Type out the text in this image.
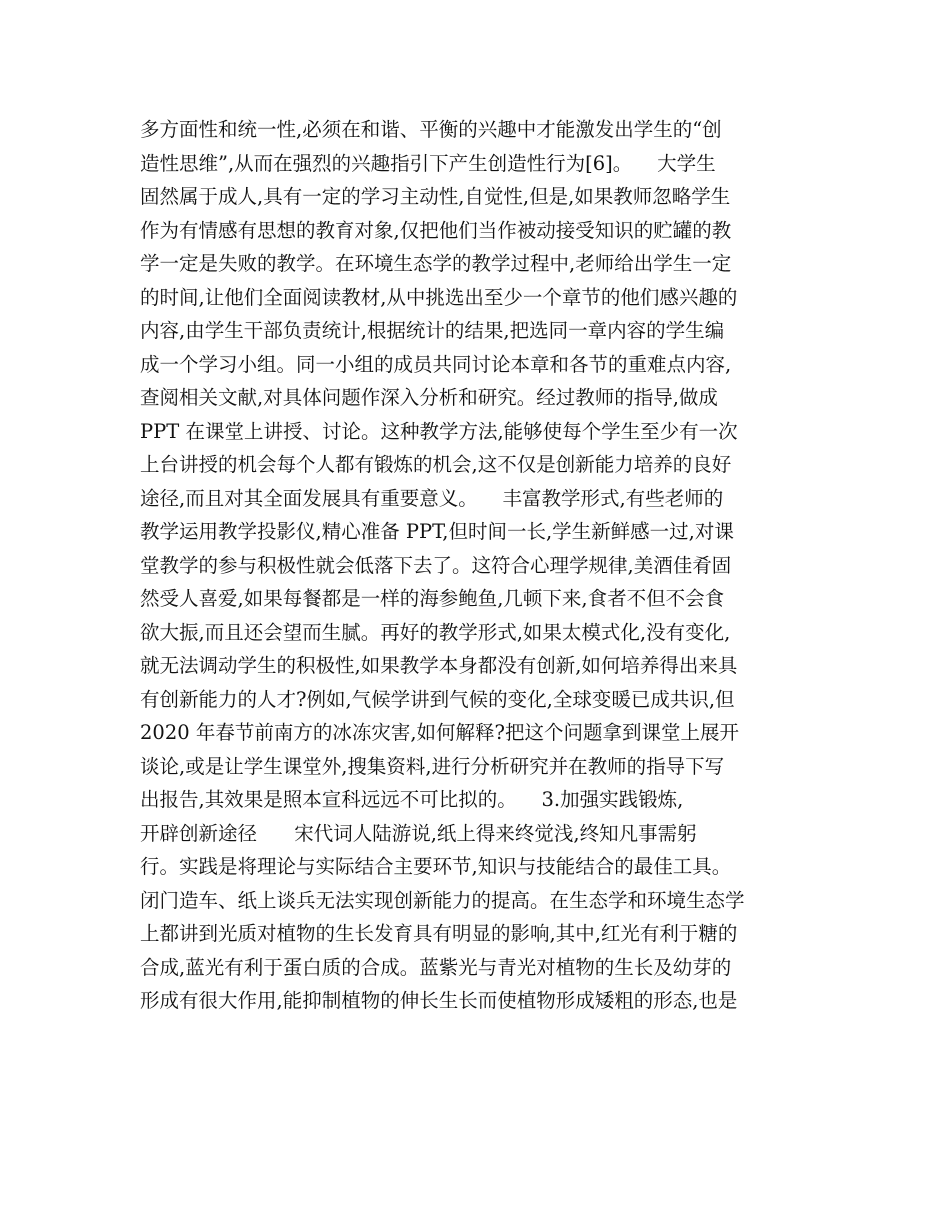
多方面性和统一性,必须在和谐、平衡的兴趣中才能激发出学生的“创
造性思维”,从而在强烈的兴趣指引下产生创造性行为[6]。    大学生
固然属于成人,具有一定的学习主动性,自觉性,但是,如果教师忽略学生
作为有情感有思想的教育对象,仅把他们当作被动接受知识的贮罐的教
学一定是失败的教学。在环境生态学的教学过程中,老师给出学生一定
的时间,让他们全面阅读教材,从中挑选出至少一个章节的他们感兴趣的
内容,由学生干部负责统计,根据统计的结果,把选同一章内容的学生编
成一个学习小组。同一小组的成员共同讨论本章和各节的重难点内容,
查阅相关文献,对具体问题作深入分析和研究。经过教师的指导,做成
PPT 在课堂上讲授、讨论。这种教学方法,能够使每个学生至少有一次
上台讲授的机会每个人都有锻炼的机会,这不仅是创新能力培养的良好
途径,而且对其全面发展具有重要意义。    丰富教学形式,有些老师的
教学运用教学投影仪,精心准备 PPT,但时间一长,学生新鲜感一过,对课
堂教学的参与积极性就会低落下去了。这符合心理学规律,美酒佳肴固
然受人喜爱,如果每餐都是一样的海参鲍鱼,几顿下来,食者不但不会食
欲大振,而且还会望而生腻。再好的教学形式,如果太模式化,没有变化,
就无法调动学生的积极性,如果教学本身都没有创新,如何培养得出来具
有创新能力的人才?例如,气候学讲到气候的变化,全球变暖已成共识,但
2020 年春节前南方的冰冻灾害,如何解释?把这个问题拿到课堂上展开
谈论,或是让学生课堂外,搜集资料,进行分析研究并在教师的指导下写
出报告,其效果是照本宣科远远不可比拟的。    3.加强实践锻炼,
开辟创新途径      宋代词人陆游说,纸上得来终觉浅,终知凡事需躬
行。实践是将理论与实际结合主要环节,知识与技能结合的最佳工具。
闭门造车、纸上谈兵无法实现创新能力的提高。在生态学和环境生态学
上都讲到光质对植物的生长发育具有明显的影响,其中,红光有利于糖的
合成,蓝光有利于蛋白质的合成。蓝紫光与青光对植物的生长及幼芽的
形成有很大作用,能抑制植物的伸长生长而使植物形成矮粗的形态,也是
